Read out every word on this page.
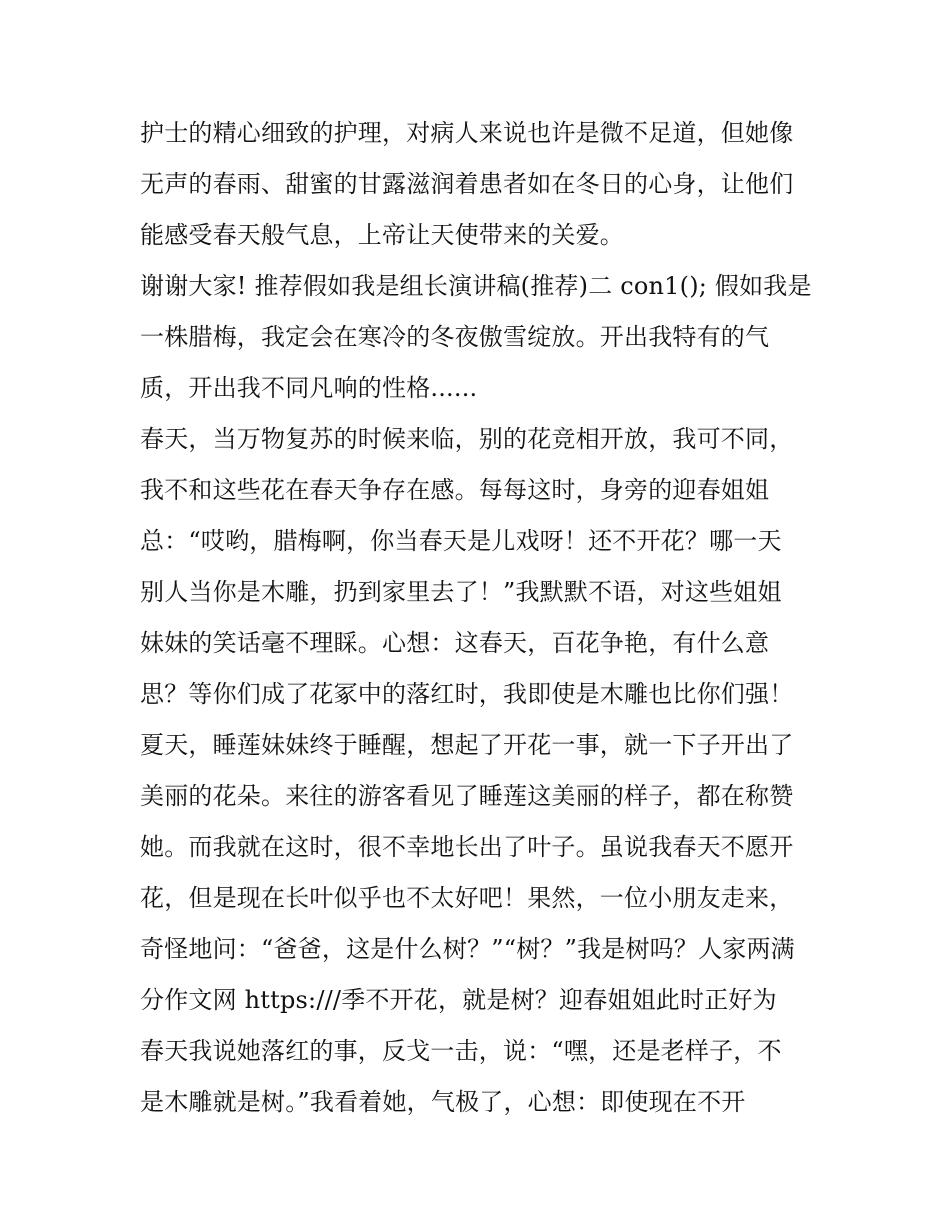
护士的精心细致的护理，对病人来说也许是微不足道，但她像
无声的春雨、甜蜜的甘露滋润着患者如在冬日的心身，让他们
能感受春天般气息，上帝让天使带来的关爱。
谢谢大家! 推荐假如我是组长演讲稿(推荐)二 con1(); 假如我是
一株腊梅，我定会在寒冷的冬夜傲雪绽放。开出我特有的气
质，开出我不同凡响的性格......
春天，当万物复苏的时候来临，别的花竞相开放，我可不同，
我不和这些花在春天争存在感。每每这时，身旁的迎春姐姐
总：“哎哟，腊梅啊，你当春天是儿戏呀！还不开花？哪一天
别人当你是木雕，扔到家里去了！”我默默不语，对这些姐姐
妹妹的笑话毫不理睬。心想：这春天，百花争艳，有什么意
思？等你们成了花冢中的落红时，我即使是木雕也比你们强！
夏天，睡莲妹妹终于睡醒，想起了开花一事，就一下子开出了
美丽的花朵。来往的游客看见了睡莲这美丽的样子，都在称赞
她。而我就在这时，很不幸地长出了叶子。虽说我春天不愿开
花，但是现在长叶似乎也不太好吧！果然，一位小朋友走来，
奇怪地问：“爸爸，这是什么树？”“树？”我是树吗？人家两满
分作文网 https:///季不开花，就是树？迎春姐姐此时正好为
春天我说她落红的事，反戈一击，说：“嘿，还是老样子，不
是木雕就是树。”我看着她，气极了，心想：即使现在不开
